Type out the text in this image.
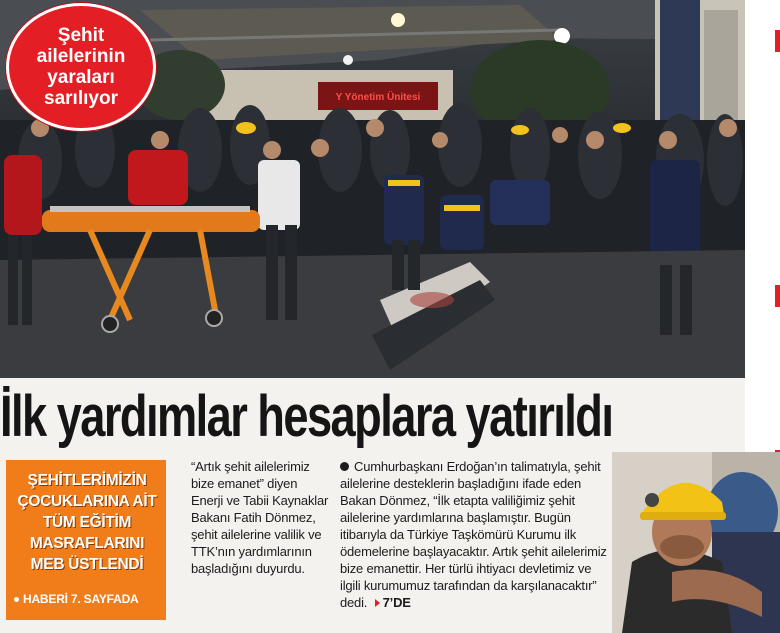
Y Yönetim Ünitesi
Şehit ailelerinin yaraları sarılıyor
İlk yardımlar hesaplara yatırıldı
ŞEHİTLERİMİZİN ÇOCUKLARINA AİT TÜM EĞİTİM MASRAFLARINI MEB ÜSTLENDİ
HABERİ 7. SAYFADA
“Artık şehit ailelerimiz bize emanet” diyen Enerji ve Tabii Kaynaklar Bakanı Fatih Dönmez, şehit ailelerine valilik ve TTK’nın yardımlarının başladığını duyurdu.
Cumhurbaşkanı Erdoğan’ın talimatıyla, şehit ailelerine desteklerin başladığını ifade eden Bakan Dönmez, “İlk etapta valiliğimiz şehit ailelerine yardımlarına başlamıştır. Bugün itibarıyla da Türkiye Taşkömürü Kurumu ilk ödemelerine başlayacaktır. Artık şehit ailelerimiz bize emanettir. Her türlü ihtiyacı devletimiz ve ilgili kurumumuz tarafından da karşılanacaktır” dedi. 7’DE
